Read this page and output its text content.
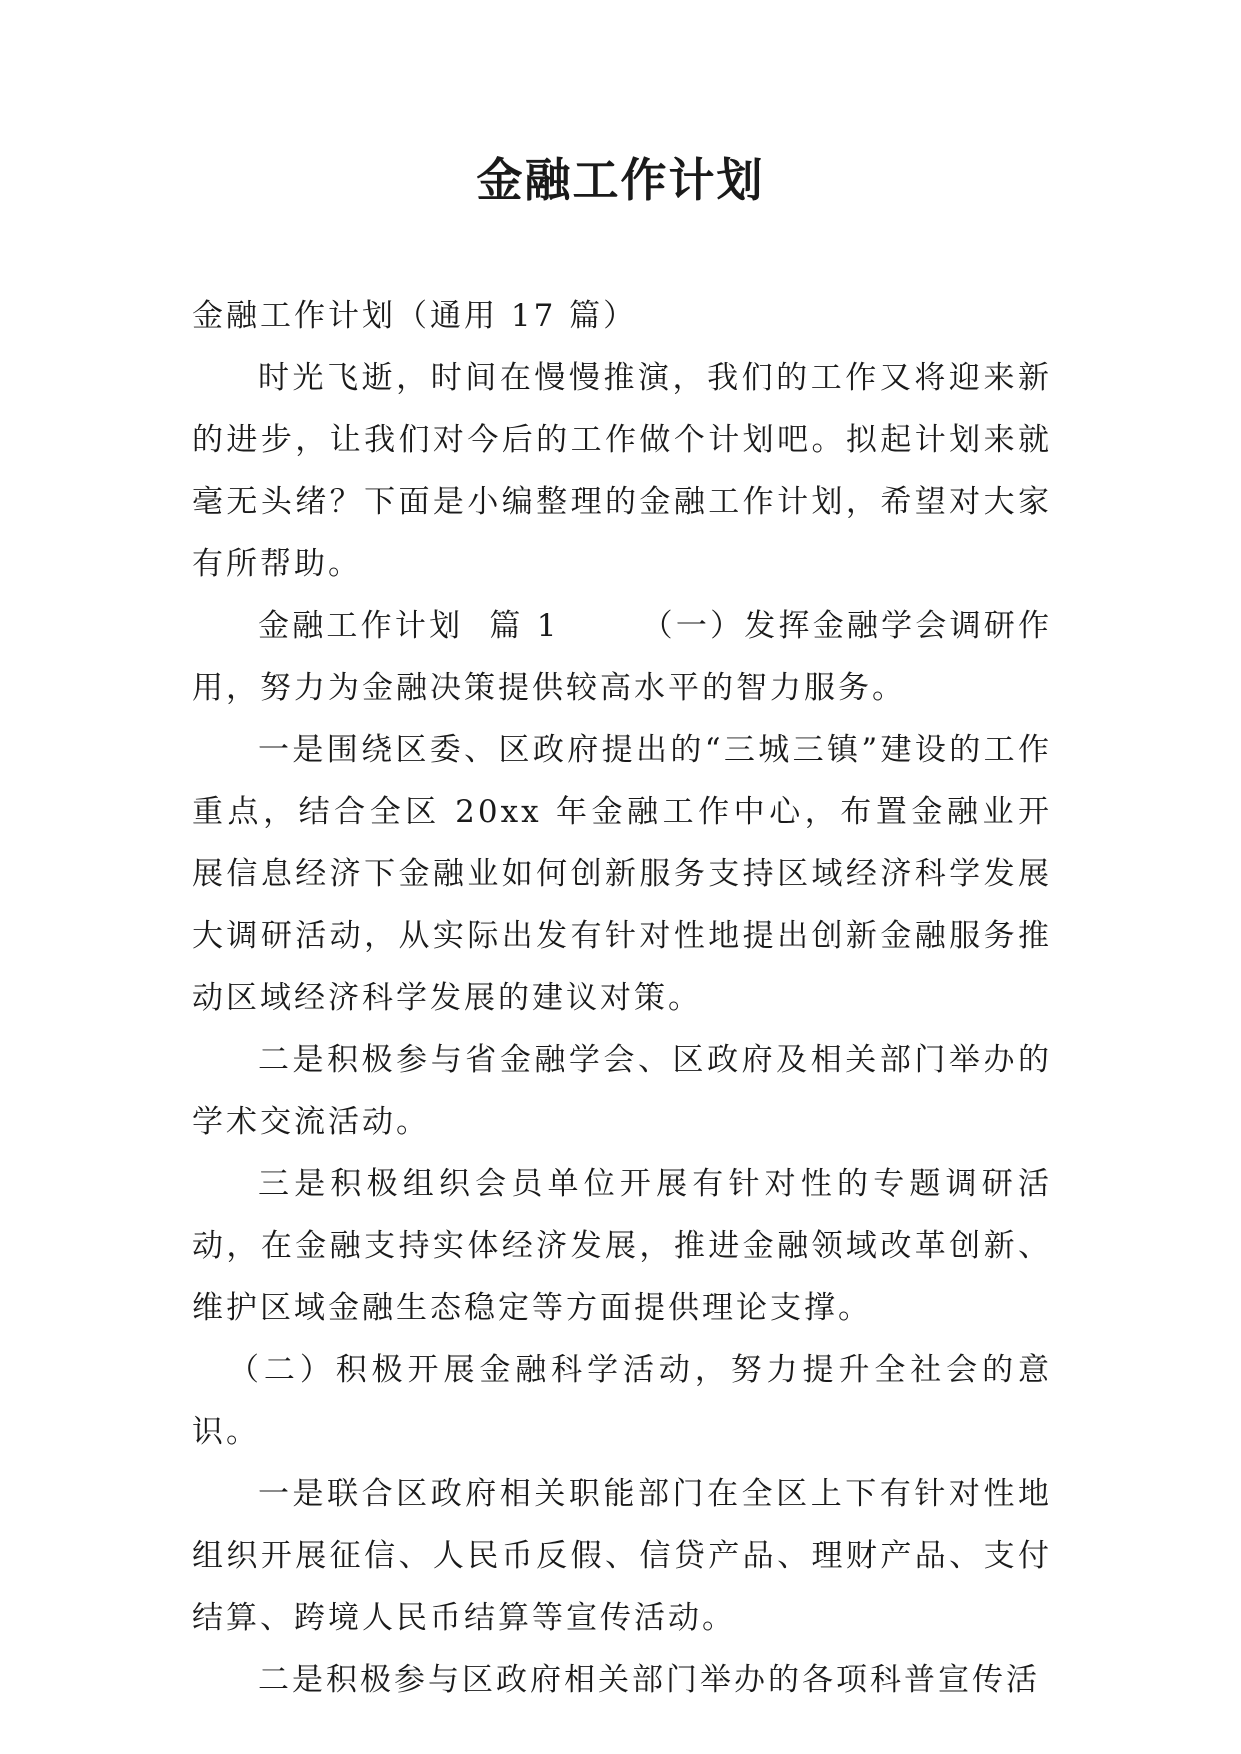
金融工作计划

金融工作计划（通用 17 篇）

时光飞逝，时间在慢慢推演，我们的工作又将迎来新的进步，让我们对今后的工作做个计划吧。拟起计划来就毫无头绪？下面是小编整理的金融工作计划，希望对大家有所帮助。

金融工作计划  篇 1	（一）发挥金融学会调研作用，努力为金融决策提供较高水平的智力服务。

一是围绕区委、区政府提出的“三城三镇”建设的工作重点，结合全区 20xx 年金融工作中心，布置金融业开展信息经济下金融业如何创新服务支持区域经济科学发展大调研活动，从实际出发有针对性地提出创新金融服务推动区域经济科学发展的建议对策。

二是积极参与省金融学会、区政府及相关部门举办的学术交流活动。

三是积极组织会员单位开展有针对性的专题调研活动，在金融支持实体经济发展，推进金融领域改革创新、维护区域金融生态稳定等方面提供理论支撑。

（二）积极开展金融科学活动，努力提升全社会的意识。

一是联合区政府相关职能部门在全区上下有针对性地组织开展征信、人民币反假、信贷产品、理财产品、支付结算、跨境人民币结算等宣传活动。

二是积极参与区政府相关部门举办的各项科普宣传活
